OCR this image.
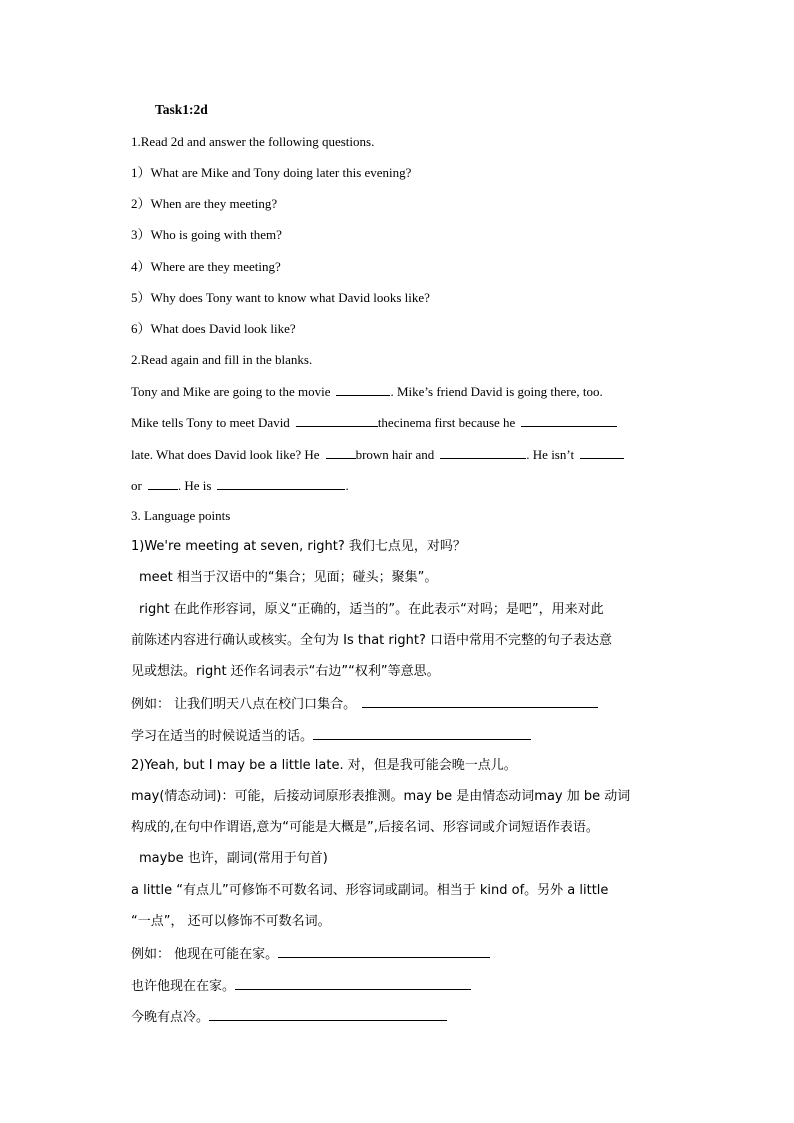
Task1:2d
1.Read 2d and answer the following questions.
1）What are Mike and Tony doing later this evening?
2）When are they meeting?
3）Who is going with them?
4）Where are they meeting?
5）Why does Tony want to know what David looks like?
6）What does David look like?
2.Read again and fill in the blanks.
Tony and Mike are going to the movie	. Mike’s friend David is going there, too.
Mike tells Tony to meet David	thecinema first because he
late. What does David look like? He	brown hair and	. He isn’t
or	. He is	.
3. Language points
1)We're meeting at seven, right? 我们七点见，对吗？
meet 相当于汉语中的“集合；见面；碰头；聚集”。
right 在此作形容词，原义“正确的，适当的”。在此表示“对吗；是吧”，用来对此
前陈述内容进行确认或核实。全句为 Is that right? 口语中常用不完整的句子表达意
见或想法。right 还作名词表示“右边”“权利”等意思。
例如： 让我们明天八点在校门口集合。
学习在适当的时候说适当的话。
2)Yeah, but I may be a little late. 对，但是我可能会晚一点儿。
may(情态动词)：可能，后接动词原形表推测。may be 是由情态动词may 加 be 动词
构成的,在句中作谓语,意为“可能是大概是”,后接名词、形容词或介词短语作表语。
maybe 也许，副词(常用于句首)
a little “有点儿”可修饰不可数名词、形容词或副词。相当于 kind of。另外 a little
“一点”， 还可以修饰不可数名词。
例如： 他现在可能在家。
也许他现在在家。
今晚有点冷。
